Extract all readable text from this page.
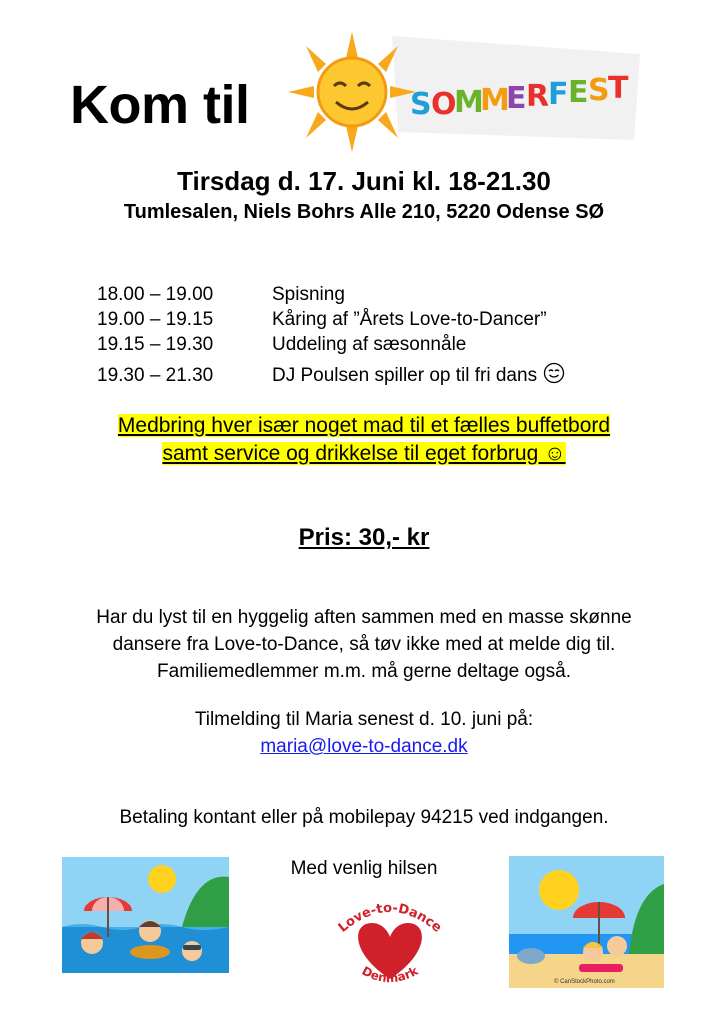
Kom til	S O
M
M
E R
F E S
T
Tirsdag d. 17. Juni kl. 18-21.30
Tumlesalen, Niels Bohrs Alle 210, 5220 Odense SØ
18.00 – 19.00	Spisning
19.00 – 19.15	Kåring af ”Årets Love-to-Dancer”
19.15 – 19.30	Uddeling af sæsonnåle
19.30 – 21.30	DJ Poulsen spiller op til fri dans
Medbring hver især noget mad til et fælles buffetbord
samt service og drikkelse til eget forbrug ☺
Pris: 30,- kr
Har du lyst til en hyggelig aften sammen med en masse skønne
dansere fra Love-to-Dance, så tøv ikke med at melde dig til.
Familiemedlemmer m.m. må gerne deltage også.
Tilmelding til Maria senest d. 10. juni på:
maria@love-to-dance.dk
Betaling kontant eller på mobilepay 94215 ved indgangen.
Med venlig hilsen
Love-to-Dance
Denmark
© CanStockPhoto.com
